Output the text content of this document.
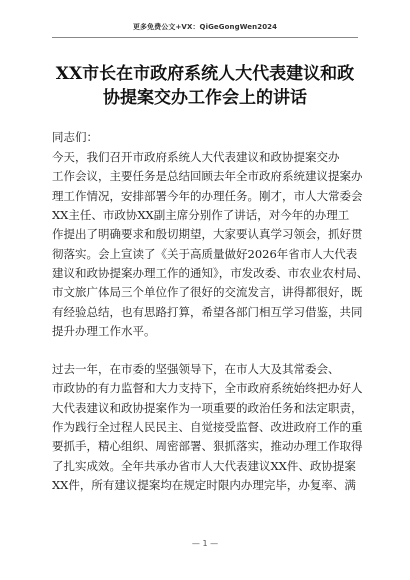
更多免费公文+VX：QiGeGongWen2024
XX市长在市政府系统人大代表建议和政
协提案交办工作会上的讲话
同志们：
今天，我们召开市政府系统人大代表建议和政协提案交办
工作会议，主要任务是总结回顾去年全市政府系统建议提案办
理工作情况，安排部署今年的办理任务。刚才，市人大常委会
XX主任、市政协XX副主席分别作了讲话，对今年的办理工
作提出了明确要求和殷切期望，大家要认真学习领会，抓好贯
彻落实。会上宣读了《关于高质量做好2026年省市人大代表
建议和政协提案办理工作的通知》，市发改委、市农业农村局、
市文旅广体局三个单位作了很好的交流发言，讲得都很好，既
有经验总结，也有思路打算，希望各部门相互学习借鉴，共同
提升办理工作水平。
过去一年，在市委的坚强领导下，在市人大及其常委会、
市政协的有力监督和大力支持下，全市政府系统始终把办好人
大代表建议和政协提案作为一项重要的政治任务和法定职责，
作为践行全过程人民民主、自觉接受监督、改进政府工作的重
要抓手，精心组织、周密部署、狠抓落实，推动办理工作取得
了扎实成效。全年共承办省市人大代表建议XX件、政协提案
XX件，所有建议提案均在规定时限内办理完毕，办复率、满
— 1 —
